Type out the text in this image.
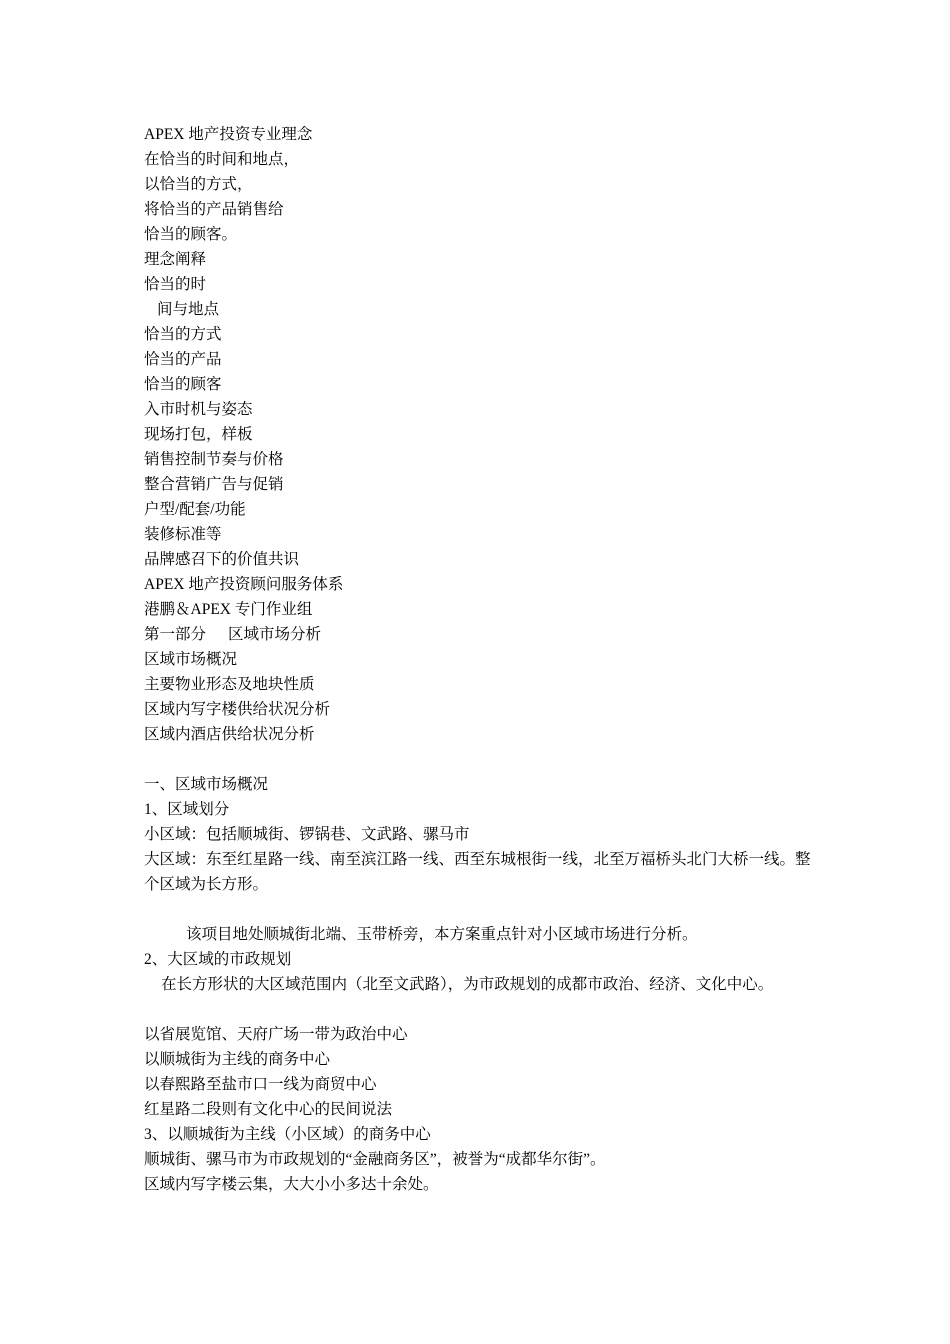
APEX 地产投资专业理念
在恰当的时间和地点，
以恰当的方式，
将恰当的产品销售给
恰当的顾客。
理念阐释
恰当的时
间与地点
恰当的方式
恰当的产品
恰当的顾客
入市时机与姿态
现场打包，样板
销售控制节奏与价格
整合营销广告与促销
户型/配套/功能
装修标准等
品牌感召下的价值共识
APEX 地产投资顾问服务体系
港鹏＆APEX 专门作业组
第一部分 区域市场分析
区域市场概况
主要物业形态及地块性质
区域内写字楼供给状况分析
区域内酒店供给状况分析
一、区域市场概况
1、区域划分
小区域：包括顺城街、锣锅巷、文武路、骡马市
大区域：东至红星路一线、南至滨江路一线、西至东城根街一线，北至万福桥头北门大桥一线。整个区域为长方形。
该项目地处顺城街北端、玉带桥旁，本方案重点针对小区域市场进行分析。
2、大区域的市政规划
在长方形状的大区域范围内（北至文武路），为市政规划的成都市政治、经济、文化中心。
以省展览馆、天府广场一带为政治中心
以顺城街为主线的商务中心
以春熙路至盐市口一线为商贸中心
红星路二段则有文化中心的民间说法
3、以顺城街为主线（小区域）的商务中心
顺城街、骡马市为市政规划的“金融商务区”，被誉为“成都华尔街”。
区域内写字楼云集，大大小小多达十余处。
